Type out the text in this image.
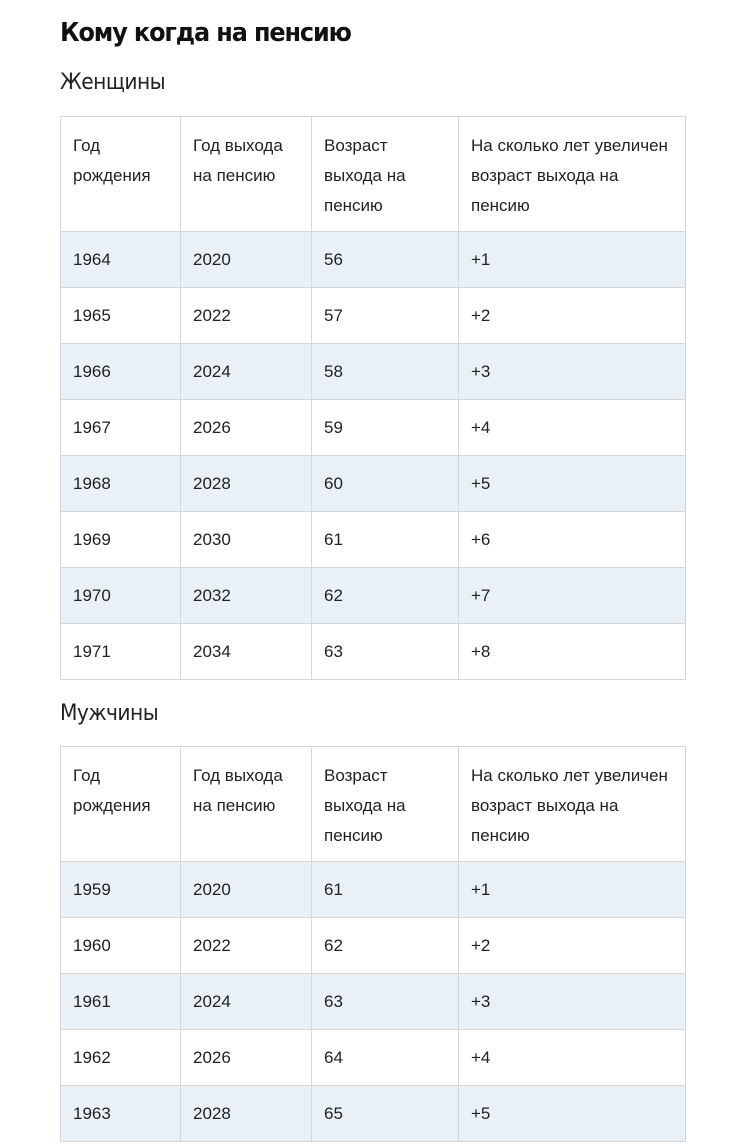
Кому когда на пенсию
Женщины
Год рождения	Год выхода на пенсию	Возраст выхода на пенсию	На сколько лет увеличен возраст выхода на пенсию
1964	2020	56	+1
1965	2022	57	+2
1966	2024	58	+3
1967	2026	59	+4
1968	2028	60	+5
1969	2030	61	+6
1970	2032	62	+7
1971	2034	63	+8
Мужчины
Год рождения	Год выхода на пенсию	Возраст выхода на пенсию	На сколько лет увеличен возраст выхода на пенсию
1959	2020	61	+1
1960	2022	62	+2
1961	2024	63	+3
1962	2026	64	+4
1963	2028	65	+5
